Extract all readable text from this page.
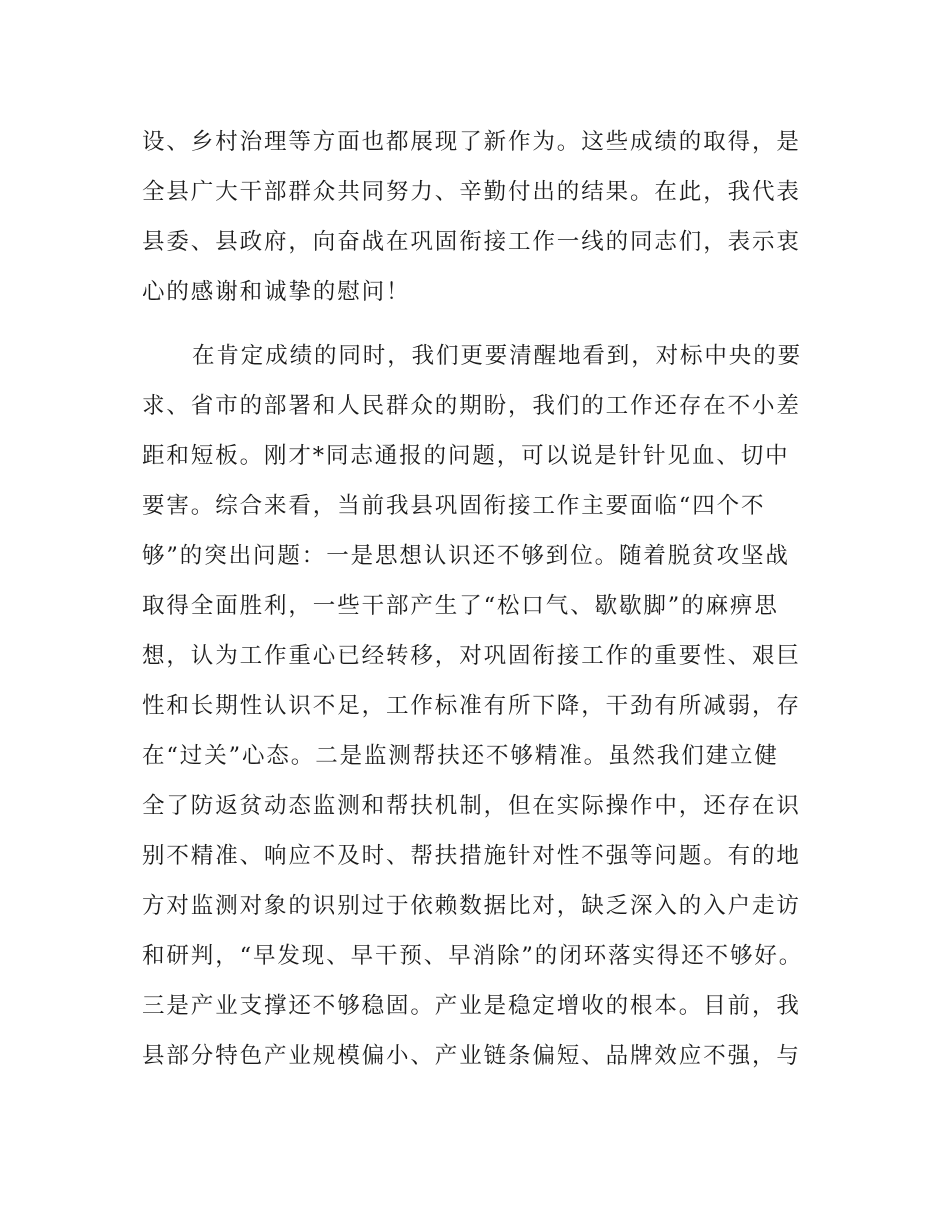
设、乡村治理等方面也都展现了新作为。这些成绩的取得，是
全县广大干部群众共同努力、辛勤付出的结果。在此，我代表
县委、县政府，向奋战在巩固衔接工作一线的同志们，表示衷
心的感谢和诚挚的慰问！
在肯定成绩的同时，我们更要清醒地看到，对标中央的要
求、省市的部署和人民群众的期盼，我们的工作还存在不小差
距和短板。刚才*同志通报的问题，可以说是针针见血、切中
要害。综合来看，当前我县巩固衔接工作主要面临“四个不
够”的突出问题：一是思想认识还不够到位。随着脱贫攻坚战
取得全面胜利，一些干部产生了“松口气、歇歇脚”的麻痹思
想，认为工作重心已经转移，对巩固衔接工作的重要性、艰巨
性和长期性认识不足，工作标准有所下降，干劲有所减弱，存
在“过关”心态。二是监测帮扶还不够精准。虽然我们建立健
全了防返贫动态监测和帮扶机制，但在实际操作中，还存在识
别不精准、响应不及时、帮扶措施针对性不强等问题。有的地
方对监测对象的识别过于依赖数据比对，缺乏深入的入户走访
和研判，“早发现、早干预、早消除”的闭环落实得还不够好。
三是产业支撑还不够稳固。产业是稳定增收的根本。目前，我
县部分特色产业规模偏小、产业链条偏短、品牌效应不强，与
